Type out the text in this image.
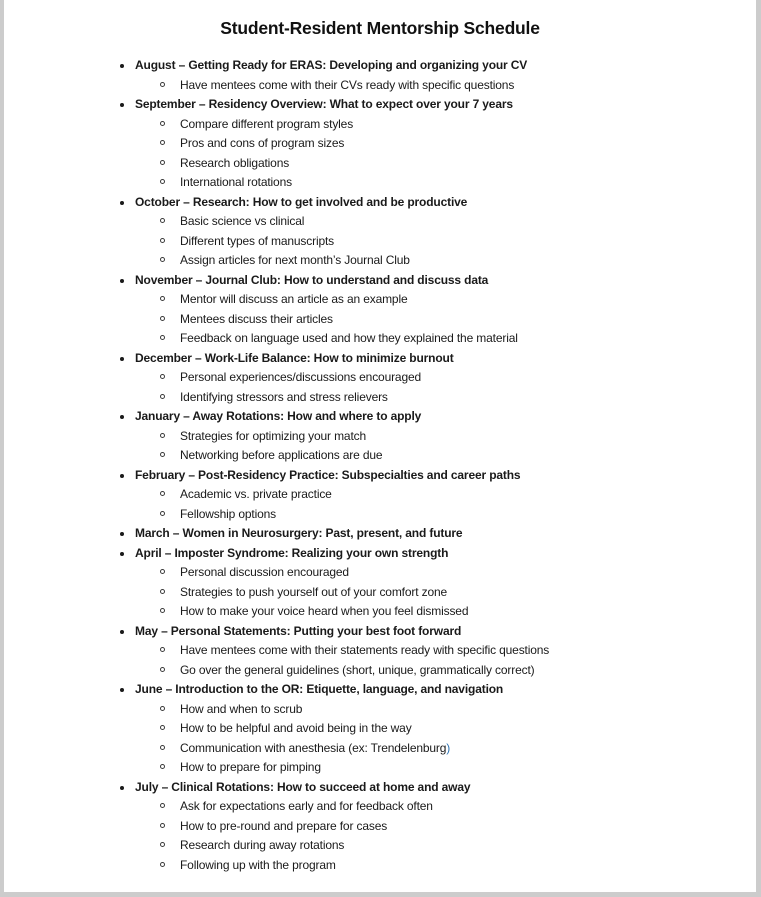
Student-Resident Mentorship Schedule
August – Getting Ready for ERAS: Developing and organizing your CV
Have mentees come with their CVs ready with specific questions
September – Residency Overview: What to expect over your 7 years
Compare different program styles
Pros and cons of program sizes
Research obligations
International rotations
October – Research: How to get involved and be productive
Basic science vs clinical
Different types of manuscripts
Assign articles for next month’s Journal Club
November – Journal Club: How to understand and discuss data
Mentor will discuss an article as an example
Mentees discuss their articles
Feedback on language used and how they explained the material
December – Work-Life Balance: How to minimize burnout
Personal experiences/discussions encouraged
Identifying stressors and stress relievers
January – Away Rotations: How and where to apply
Strategies for optimizing your match
Networking before applications are due
February – Post-Residency Practice: Subspecialties and career paths
Academic vs. private practice
Fellowship options
March – Women in Neurosurgery: Past, present, and future
April – Imposter Syndrome: Realizing your own strength
Personal discussion encouraged
Strategies to push yourself out of your comfort zone
How to make your voice heard when you feel dismissed
May – Personal Statements: Putting your best foot forward
Have mentees come with their statements ready with specific questions
Go over the general guidelines (short, unique, grammatically correct)
June – Introduction to the OR: Etiquette, language, and navigation
How and when to scrub
How to be helpful and avoid being in the way
Communication with anesthesia (ex: Trendelenburg)
How to prepare for pimping
July – Clinical Rotations: How to succeed at home and away
Ask for expectations early and for feedback often
How to pre-round and prepare for cases
Research during away rotations
Following up with the program
